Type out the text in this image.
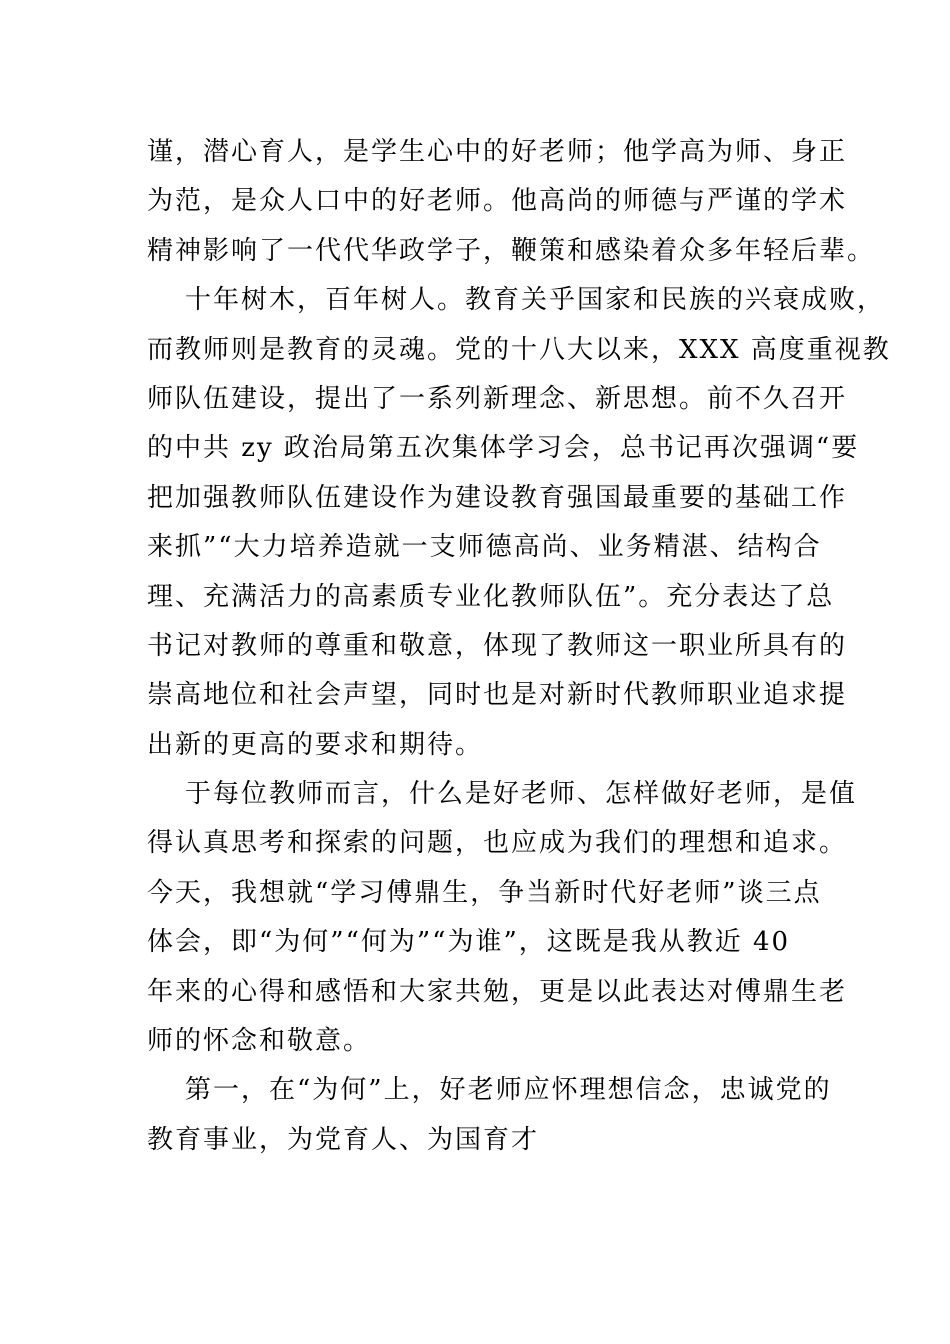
谨，潜心育人，是学生心中的好老师；他学高为师、身正
为范，是众人口中的好老师。他高尚的师德与严谨的学术
精神影响了一代代华政学子，鞭策和感染着众多年轻后辈。
十年树木，百年树人。教育关乎国家和民族的兴衰成败，
而教师则是教育的灵魂。党的十八大以来，XXX 高度重视教
师队伍建设，提出了一系列新理念、新思想。前不久召开
的中共 zy 政治局第五次集体学习会，总书记再次强调“要
把加强教师队伍建设作为建设教育强国最重要的基础工作
来抓”“大力培养造就一支师德高尚、业务精湛、结构合
理、充满活力的高素质专业化教师队伍”。充分表达了总
书记对教师的尊重和敬意，体现了教师这一职业所具有的
崇高地位和社会声望，同时也是对新时代教师职业追求提
出新的更高的要求和期待。
于每位教师而言，什么是好老师、怎样做好老师，是值
得认真思考和探索的问题，也应成为我们的理想和追求。
今天，我想就“学习傅鼎生，争当新时代好老师”谈三点
体会，即“为何”“何为”“为谁”，这既是我从教近 40
年来的心得和感悟和大家共勉，更是以此表达对傅鼎生老
师的怀念和敬意。
第一，在“为何”上，好老师应怀理想信念，忠诚党的
教育事业，为党育人、为国育才
